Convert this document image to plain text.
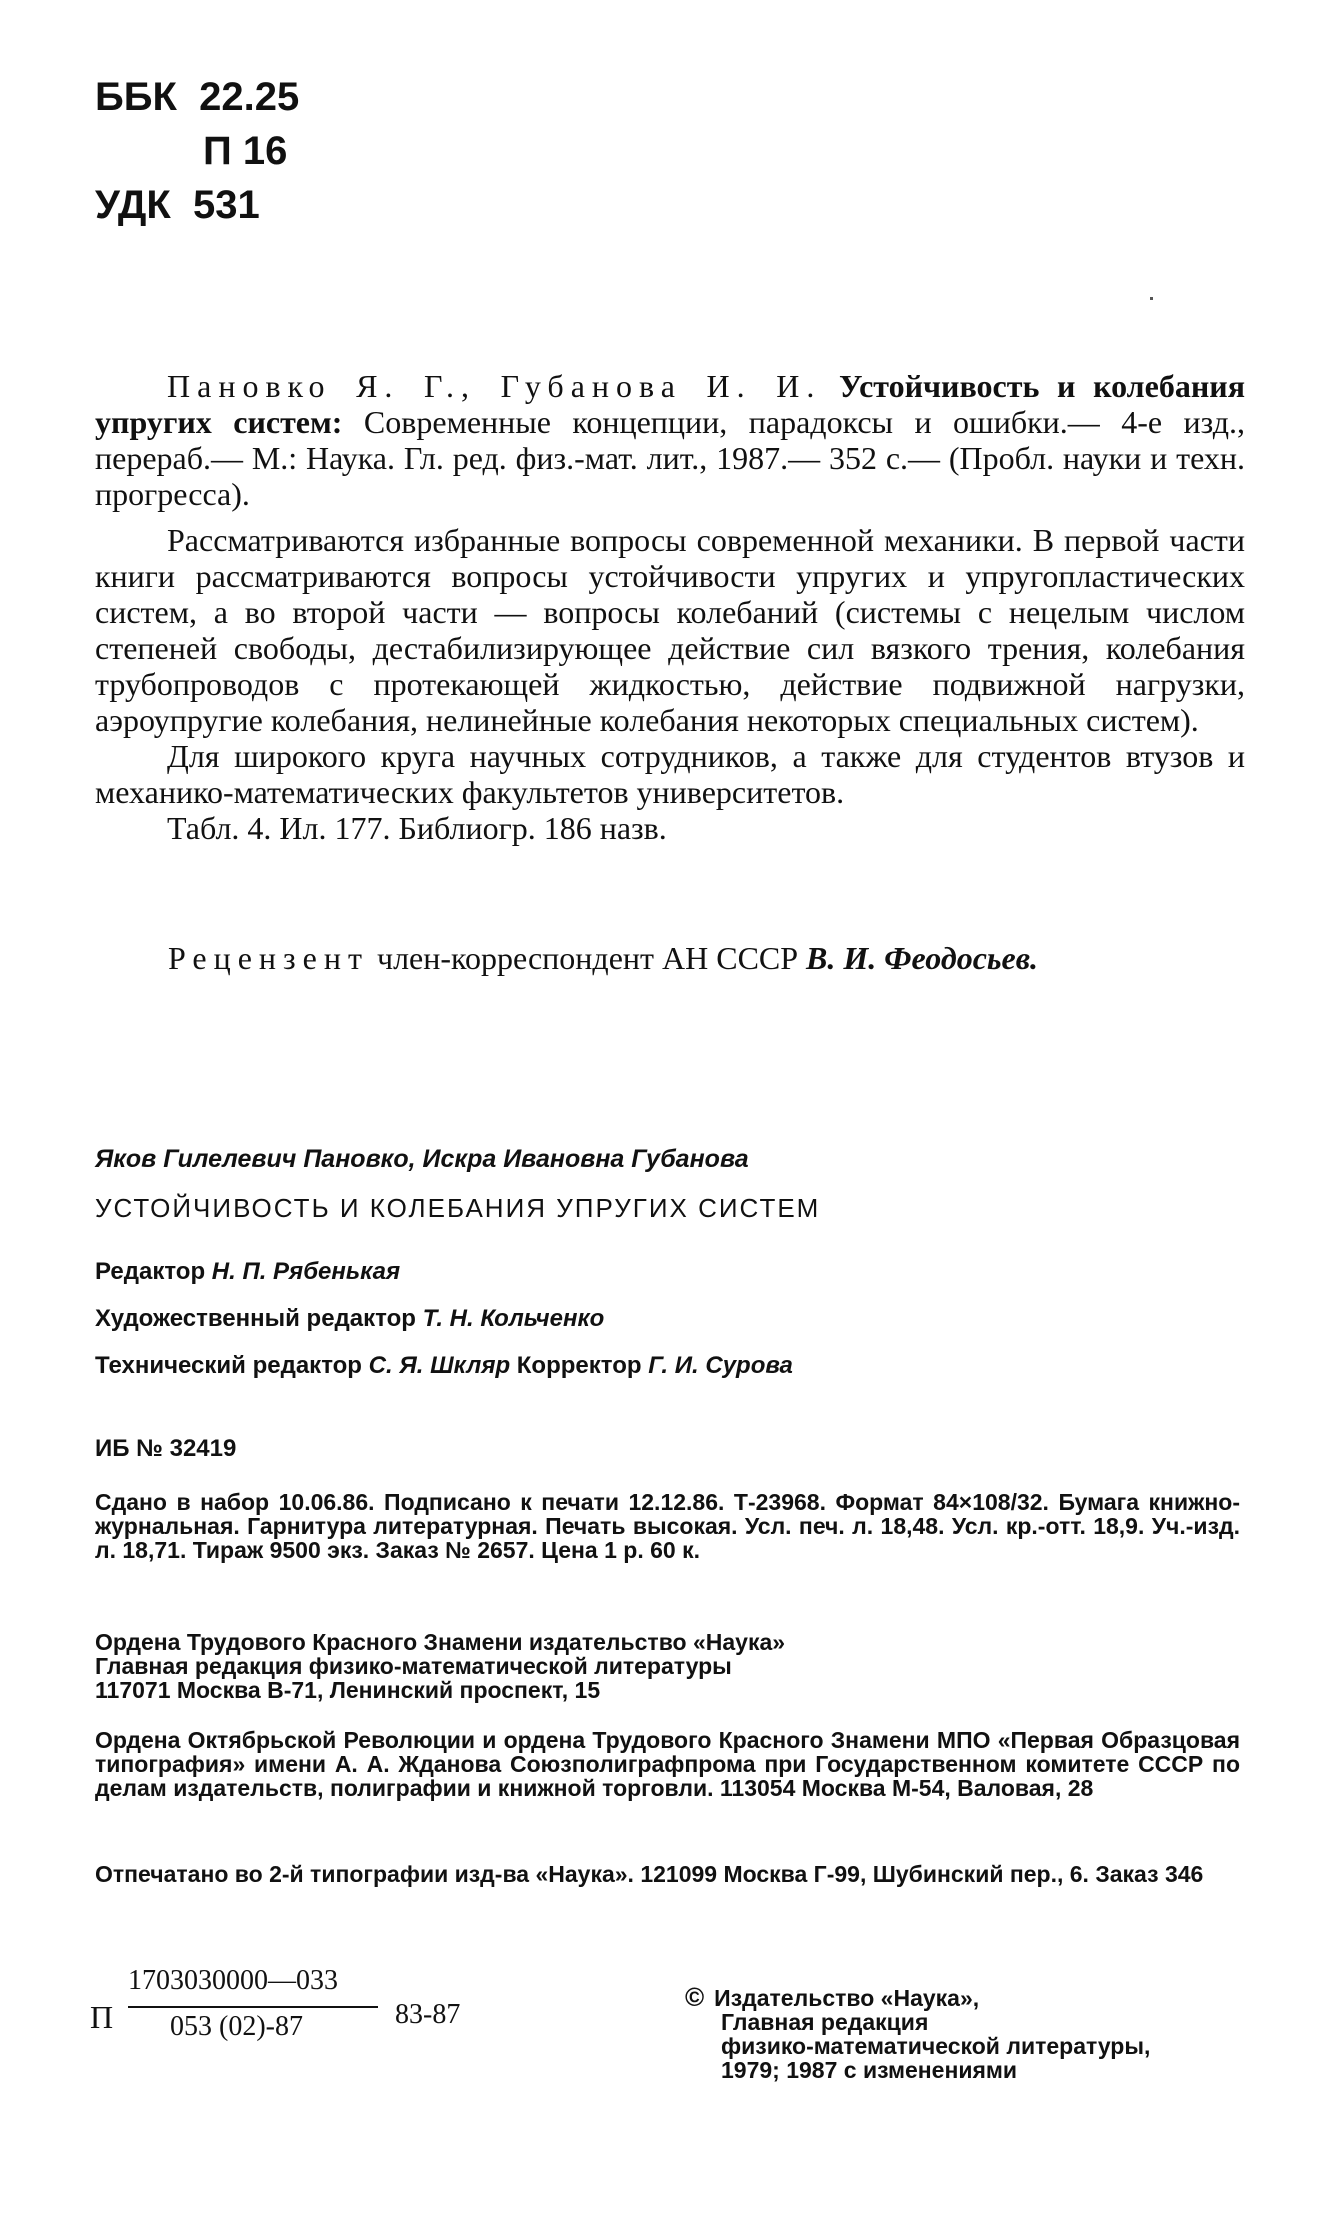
ББК 22.25
П 16
УДК 531

Пановко Я. Г., Губанова И. И. Устойчивость и колебания упругих систем: Современные концепции, парадоксы и ошибки.— 4-е изд., перераб.— М.: Наука. Гл. ред. физ.-мат. лит., 1987.— 352 с.— (Пробл. науки и техн. прогресса).

Рассматриваются избранные вопросы современной механики. В первой части книги рассматриваются вопросы устойчивости упругих и упругопластических систем, а во второй части — вопросы колебаний (системы с нецелым числом степеней свободы, дестабилизирующее действие сил вязкого трения, колебания трубопроводов с протекающей жидкостью, действие подвижной нагрузки, аэроупругие колебания, нелинейные колебания некоторых специальных систем).

Для широкого круга научных сотрудников, а также для студентов втузов и механико-математических факультетов университетов.

Табл. 4. Ил. 177. Библиогр. 186 назв.

Рецензент член-корреспондент АН СССР В. И. Феодосьев.
Яков Гилелевич Пановко, Искра Ивановна Губанова
УСТОЙЧИВОСТЬ И КОЛЕБАНИЯ УПРУГИХ СИСТЕМ
Редактор Н. П. Рябенькая
Художественный редактор Т. Н. Кольченко
Технический редактор С. Я. Шкляр Корректор Г. И. Сурова
ИБ № 32419

Сдано в набор 10.06.86. Подписано к печати 12.12.86. Т-23968. Формат 84×108/32. Бумага книжно-журнальная. Гарнитура литературная. Печать высокая. Усл. печ. л. 18,48. Усл. кр.-отт. 18,9. Уч.-изд. л. 18,71. Тираж 9500 экз. Заказ № 2657. Цена 1 р. 60 к.

Ордена Трудового Красного Знамени издательство «Наука»

Главная редакция физико-математической литературы

117071 Москва В-71, Ленинский проспект, 15

Ордена Октябрьской Революции и ордена Трудового Красного Знамени МПО «Первая Образцовая типография» имени А. А. Жданова Союзполиграфпрома при Государственном комитете СССР по делам издательств, полиграфии и книжной торговли. 113054 Москва М-54, Валовая, 28

Отпечатано во 2-й типографии изд-ва «Наука». 121099 Москва Г-99, Шубинский пер., 6. Заказ 346

П
1703030000—033
053 (02)-87	83-87
© Издательство «Наука»,
Главная редакция
физико-математической литературы,
1979; 1987 с изменениями
